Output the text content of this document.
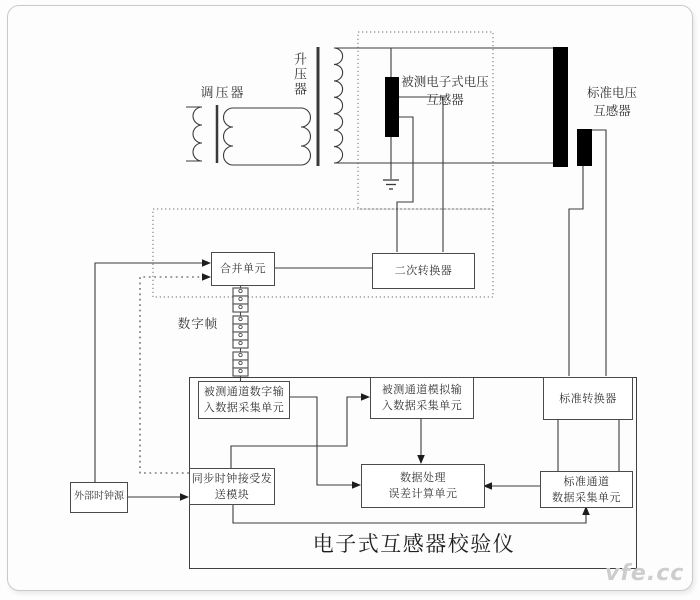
调压器	升压器	被测电子式电压
互感器	标准电压
互感器
合并单元	二次转换器
数字帧
电子式互感器校验仪
被测通道数字输
入数据采集单元
被测通道模拟输
入数据采集单元
标准转换器
同步时钟接受发
送模块
数据处理
误差计算单元
标准通道
数据采集单元
外部时钟源
vfe.cc
